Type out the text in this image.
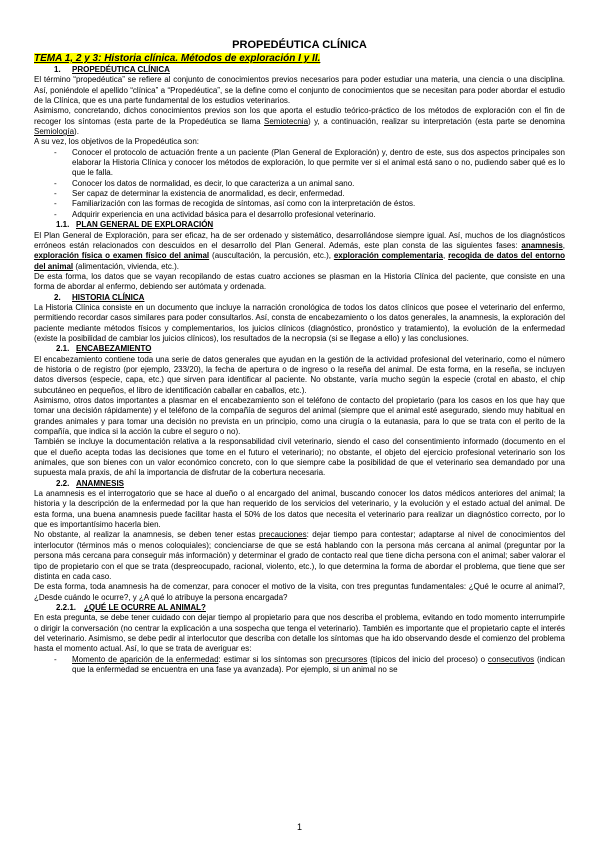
PROPEDÉUTICA CLÍNICA
TEMA 1, 2 y 3: Historia clínica. Métodos de exploración I y II.
1. PROPEDÉUTICA CLÍNICA

El término “propedéutica” se refiere al conjunto de conocimientos previos necesarios para poder estudiar una materia, una ciencia o una disciplina. Así, poniéndole el apellido “clínica” a “Propedéutica”, se la define como el conjunto de conocimientos que se necesitan para poder abordar el estudio de la Clínica, que es una parte fundamental de los estudios veterinarios.

Asimismo, concretando, dichos conocimientos previos son los que aporta el estudio teórico-práctico de los métodos de exploración con el fin de recoger los síntomas (esta parte de la Propedéutica se llama Semiotecnia) y, a continuación, realizar su interpretación (esta parte se denomina Semiología).

A su vez, los objetivos de la Propedéutica son:

- Conocer el protocolo de actuación frente a un paciente (Plan General de Exploración) y, dentro de este, sus dos aspectos principales son elaborar la Historia Clínica y conocer los métodos de exploración, lo que permite ver si el animal está sano o no, pudiendo saber qué es lo que le falla.
- Conocer los datos de normalidad, es decir, lo que caracteriza a un animal sano.
- Ser capaz de determinar la existencia de anormalidad, es decir, enfermedad.
- Familiarización con las formas de recogida de síntomas, así como con la interpretación de éstos.
- Adquirir experiencia en una actividad básica para el desarrollo profesional veterinario.
1.1. PLAN GENERAL DE EXPLORACIÓN

El Plan General de Exploración, para ser eficaz, ha de ser ordenado y sistemático, desarrollándose siempre igual. Así, muchos de los diagnósticos erróneos están relacionados con descuidos en el desarrollo del Plan General. Además, este plan consta de las siguientes fases: anamnesis, exploración física o examen físico del animal (auscultación, la percusión, etc.), exploración complementaria, recogida de datos del entorno del animal (alimentación, vivienda, etc.).

De esta forma, los datos que se vayan recopilando de estas cuatro acciones se plasman en la Historia Clínica del paciente, que consiste en una forma de abordar al enfermo, debiendo ser autómata y ordenada.

2. HISTORIA CLÍNICA

La Historia Clínica consiste en un documento que incluye la narración cronológica de todos los datos clínicos que posee el veterinario del enfermo, permitiendo recordar casos similares para poder consultarlos. Así, consta de encabezamiento o los datos generales, la anamnesis, la exploración del paciente mediante métodos físicos y complementarios, los juicios clínicos (diagnóstico, pronóstico y tratamiento), la evolución de la enfermedad (existe la posibilidad de cambiar los juicios clínicos), los resultados de la necropsia (si se llegase a ello) y las conclusiones.

2.1. ENCABEZAMIENTO

El encabezamiento contiene toda una serie de datos generales que ayudan en la gestión de la actividad profesional del veterinario, como el número de historia o de registro (por ejemplo, 233/20), la fecha de apertura o de ingreso o la reseña del animal. De esta forma, en la reseña, se incluyen datos diversos (especie, capa, etc.) que sirven para identificar al paciente. No obstante, varía mucho según la especie (crotal en abasto, el chip subcutáneo en pequeños, el libro de identificación caballar en caballos, etc.).

Asimismo, otros datos importantes a plasmar en el encabezamiento son el teléfono de contacto del propietario (para los casos en los que hay que tomar una decisión rápidamente) y el teléfono de la compañía de seguros del animal (siempre que el animal esté asegurado, siendo muy habitual en grandes animales y para tomar una decisión no prevista en un principio, como una cirugía o la eutanasia, para lo que se trata con el perito de la compañía, que indica si la acción la cubre el seguro o no).

También se incluye la documentación relativa a la responsabilidad civil veterinario, siendo el caso del consentimiento informado (documento en el que el dueño acepta todas las decisiones que tome en el futuro el veterinario); no obstante, el objeto del ejercicio profesional veterinario son los animales, que son bienes con un valor económico concreto, con lo que siempre cabe la posibilidad de que el veterinario sea demandado por una supuesta mala praxis, de ahí la importancia de disfrutar de la cobertura necesaria.

2.2. ANAMNESIS

La anamnesis es el interrogatorio que se hace al dueño o al encargado del animal, buscando conocer los datos médicos anteriores del animal; la historia y la descripción de la enfermedad por la que han requerido de los servicios del veterinario, y la evolución y el estado actual del animal. De esta forma, una buena anamnesis puede facilitar hasta el 50% de los datos que necesita el veterinario para realizar un diagnóstico correcto, por lo que es importantísimo hacerla bien.

No obstante, al realizar la anamnesis, se deben tener estas precauciones: dejar tiempo para contestar; adaptarse al nivel de conocimientos del interlocutor (términos más o menos coloquiales); concienciarse de que se está hablando con la persona más cercana al animal (preguntar por la persona más cercana para conseguir más información) y determinar el grado de contacto real que tiene dicha persona con el animal; saber valorar el tipo de propietario con el que se trata (despreocupado, racional, violento, etc.), lo que determina la forma de abordar el problema, que tiene que ser distinta en cada caso.

De esta forma, toda anamnesis ha de comenzar, para conocer el motivo de la visita, con tres preguntas fundamentales: ¿Qué le ocurre al animal?, ¿Desde cuándo le ocurre?, y ¿A qué lo atribuye la persona encargada?

2.2.1. ¿QUÉ LE OCURRE AL ANIMAL?

En esta pregunta, se debe tener cuidado con dejar tiempo al propietario para que nos describa el problema, evitando en todo momento interrumpirle o dirigir la conversación (no centrar la explicación a una sospecha que tenga el veterinario). También es importante que el propietario capte el interés del veterinario. Asimismo, se debe pedir al interlocutor que describa con detalle los síntomas que ha ido observando desde el comienzo del problema hasta el momento actual. Así, lo que se trata de averiguar es:

- Momento de aparición de la enfermedad: estimar si los síntomas son precursores (típicos del inicio del proceso) o consecutivos (indican que la enfermedad se encuentra en una fase ya avanzada). Por ejemplo, si un animal no se
1
